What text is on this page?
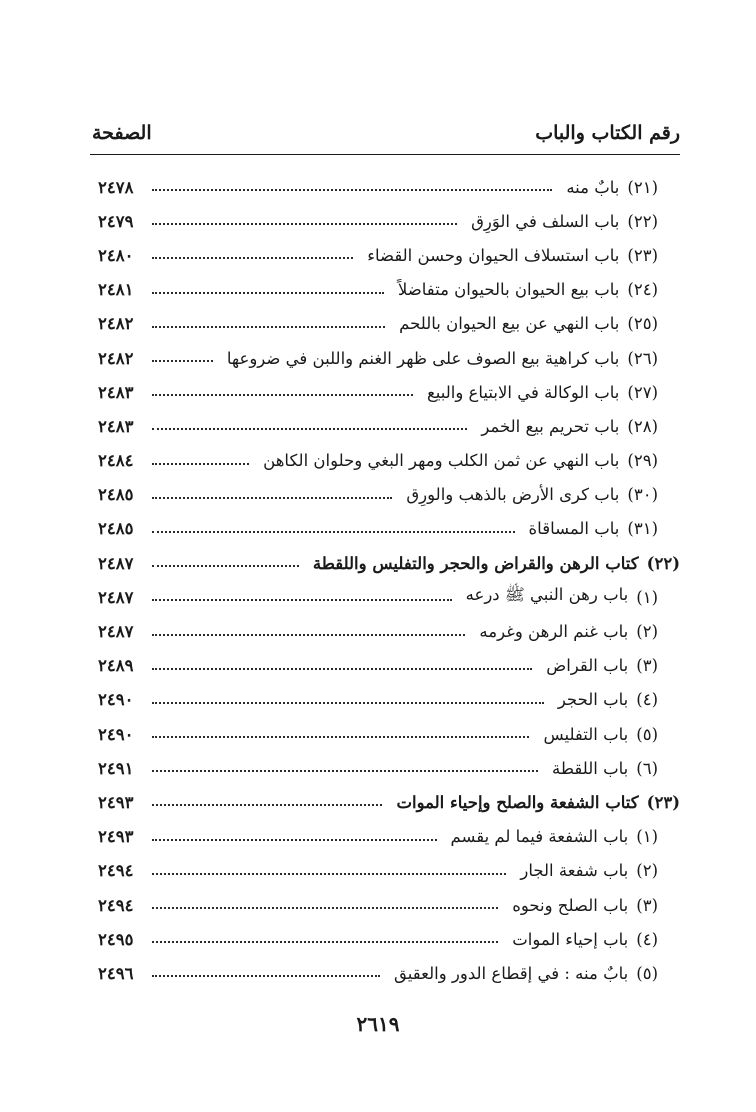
رقم الكتاب والباب
الصفحة
(٢١)
بابٌ منه
٢٤٧٨
(٢٢)
باب السلف في الوَرِق
٢٤٧٩
(٢٣)
باب استسلاف الحيوان وحسن القضاء
٢٤٨٠
(٢٤)
باب بيع الحيوان بالحيوان متفاضلاً
٢٤٨١
(٢٥)
باب النهي عن بيع الحيوان باللحم
٢٤٨٢
(٢٦)
باب كراهية بيع الصوف على ظهر الغنم واللبن في ضروعها
٢٤٨٢
(٢٧)
باب الوكالة في الابتياع والبيع
٢٤٨٣
(٢٨)
باب تحريم بيع الخمر
٢٤٨٣
(٢٩)
باب النهي عن ثمن الكلب ومهر البغي وحلوان الكاهن
٢٤٨٤
(٣٠)
باب كرى الأرض بالذهب والورِق
٢٤٨٥
(٣١)
باب المساقاة
٢٤٨٥
(٢٢)
كتاب الرهن والقراض والحجر والتفليس واللقطة
٢٤٨٧
(١)
باب رهن النبي ﷺ درعه
٢٤٨٧
(٢)
باب غنم الرهن وغرمه
٢٤٨٧
(٣)
باب القراض
٢٤٨٩
(٤)
باب الحجر
٢٤٩٠
(٥)
باب التفليس
٢٤٩٠
(٦)
باب اللقطة
٢٤٩١
(٢٣)
كتاب الشفعة والصلح وإحياء الموات
٢٤٩٣
(١)
باب الشفعة فيما لم يقسم
٢٤٩٣
(٢)
باب شفعة الجار
٢٤٩٤
(٣)
باب الصلح ونحوه
٢٤٩٤
(٤)
باب إحياء الموات
٢٤٩٥
(٥)
بابٌ منه : في إقطاع الدور والعقيق
٢٤٩٦
٢٦١٩
